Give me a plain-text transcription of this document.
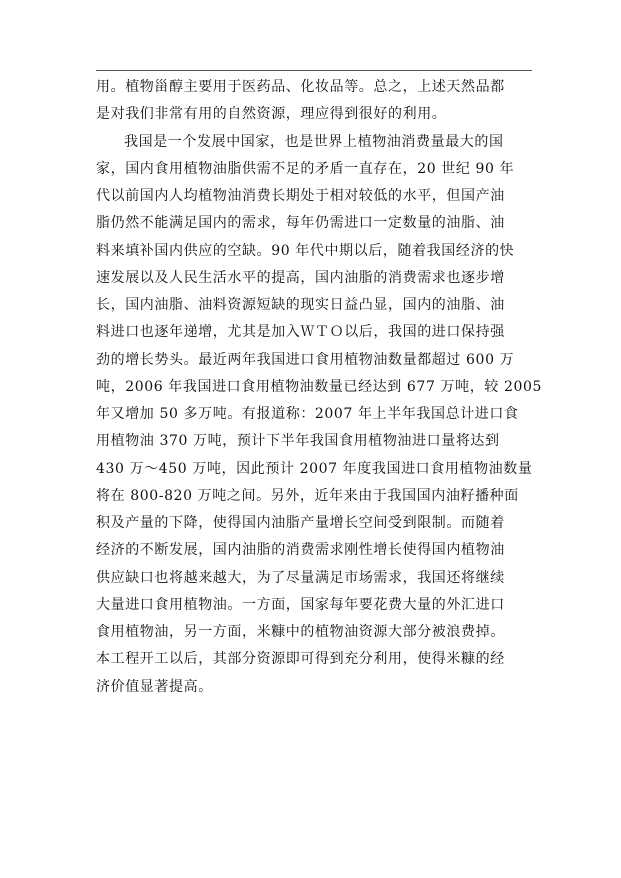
用。植物甾醇主要用于医药品、化妆品等。总之，上述天然品都
是对我们非常有用的自然资源，理应得到很好的利用。
我国是一个发展中国家，也是世界上植物油消费量最大的国
家，国内食用植物油脂供需不足的矛盾一直存在，20 世纪 90 年
代以前国内人均植物油消费长期处于相对较低的水平，但国产油
脂仍然不能满足国内的需求，每年仍需进口一定数量的油脂、油
料来填补国内供应的空缺。90 年代中期以后，随着我国经济的快
速发展以及人民生活水平的提高，国内油脂的消费需求也逐步增
长，国内油脂、油料资源短缺的现实日益凸显，国内的油脂、油
料进口也逐年递增，尤其是加入ＷＴＯ以后，我国的进口保持强
劲的增长势头。最近两年我国进口食用植物油数量都超过 600 万
吨，2006 年我国进口食用植物油数量已经达到 677 万吨，较 2005
年又增加 50 多万吨。有报道称：2007 年上半年我国总计进口食
用植物油 370 万吨，预计下半年我国食用植物油进口量将达到
430 万～450 万吨，因此预计 2007 年度我国进口食用植物油数量
将在 800-820 万吨之间。另外，近年来由于我国国内油籽播种面
积及产量的下降，使得国内油脂产量增长空间受到限制。而随着
经济的不断发展，国内油脂的消费需求刚性增长使得国内植物油
供应缺口也将越来越大，为了尽量满足市场需求，我国还将继续
大量进口食用植物油。一方面，国家每年要花费大量的外汇进口
食用植物油，另一方面，米糠中的植物油资源大部分被浪费掉。
本工程开工以后，其部分资源即可得到充分利用，使得米糠的经
济价值显著提高。
